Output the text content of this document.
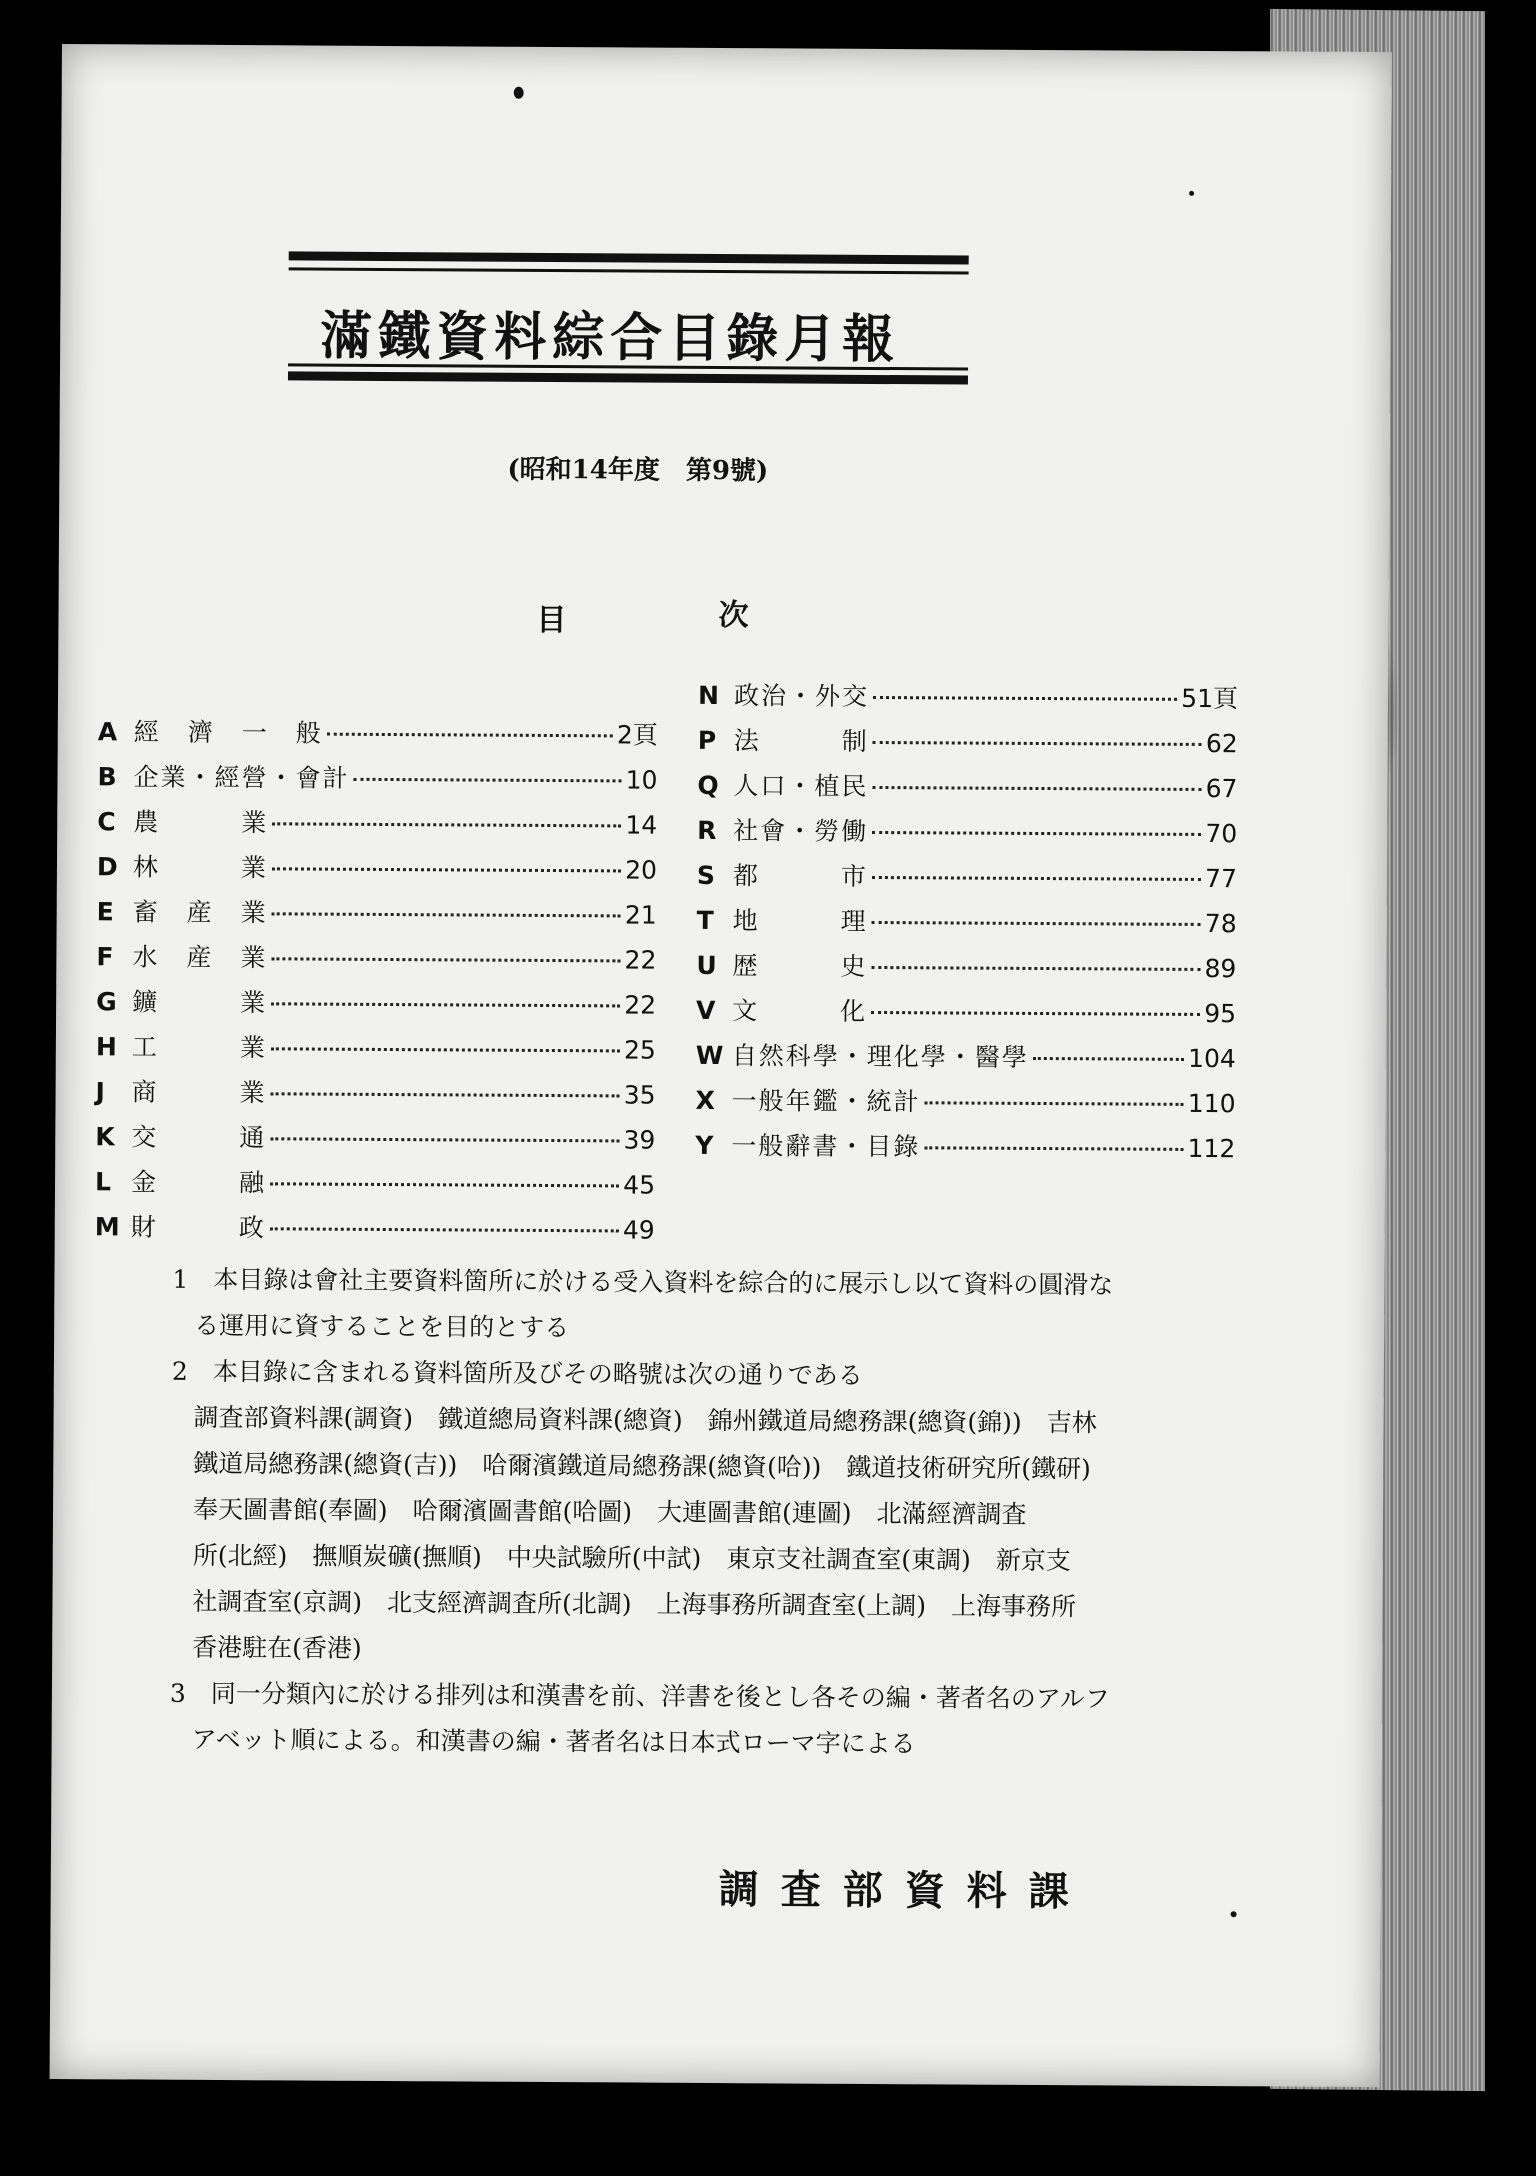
滿鐵資料綜合目錄月報
(昭和14年度　第9號)
目	次
A 經　濟　一　般	2頁
B 企業・經營・會計	10
C 農　　　業	14
D 林　　　業	20
E 畜　産　業	21
F 水　産　業	22
G 鑛　　　業	22
H 工　　　業	25
J	商　　　業	35
K 交　　　通	39
L 金　　　融	45
M 財　　　政	49
N 政治・外交	51頁
P 法　　　制	62
Q 人口・植民	67
R 社會・勞働	70
S 都　　　市	77
T 地　　　理	78
U 歴　　　史	89
V 文　　　化	95
W 自然科學・理化學・醫學	104
X 一般年鑑・統計	110
Y 一般辭書・目錄	112
1　本目錄は會社主要資料箇所に於ける受入資料を綜合的に展示し以て資料の圓滑な
る運用に資することを目的とする
2　本目錄に含まれる資料箇所及びその略號は次の通りである
調査部資料課(調資)　鐵道總局資料課(總資)　錦州鐵道局總務課(總資(錦))　吉林
鐵道局總務課(總資(吉))　哈爾濱鐵道局總務課(總資(哈))　鐵道技術研究所(鐵研)
奉天圖書館(奉圖)　哈爾濱圖書館(哈圖)　大連圖書館(連圖)　北滿經濟調査
所(北經)　撫順炭礦(撫順)　中央試驗所(中試)　東京支社調査室(東調)　新京支
社調査室(京調)　北支經濟調査所(北調)　上海事務所調査室(上調)　上海事務所
香港駐在(香港)
3　同一分類內に於ける排列は和漢書を前、洋書を後とし各その編・著者名のアルフ
アベット順による。和漢書の編・著者名は日本式ローマ字による
調査部資料課
